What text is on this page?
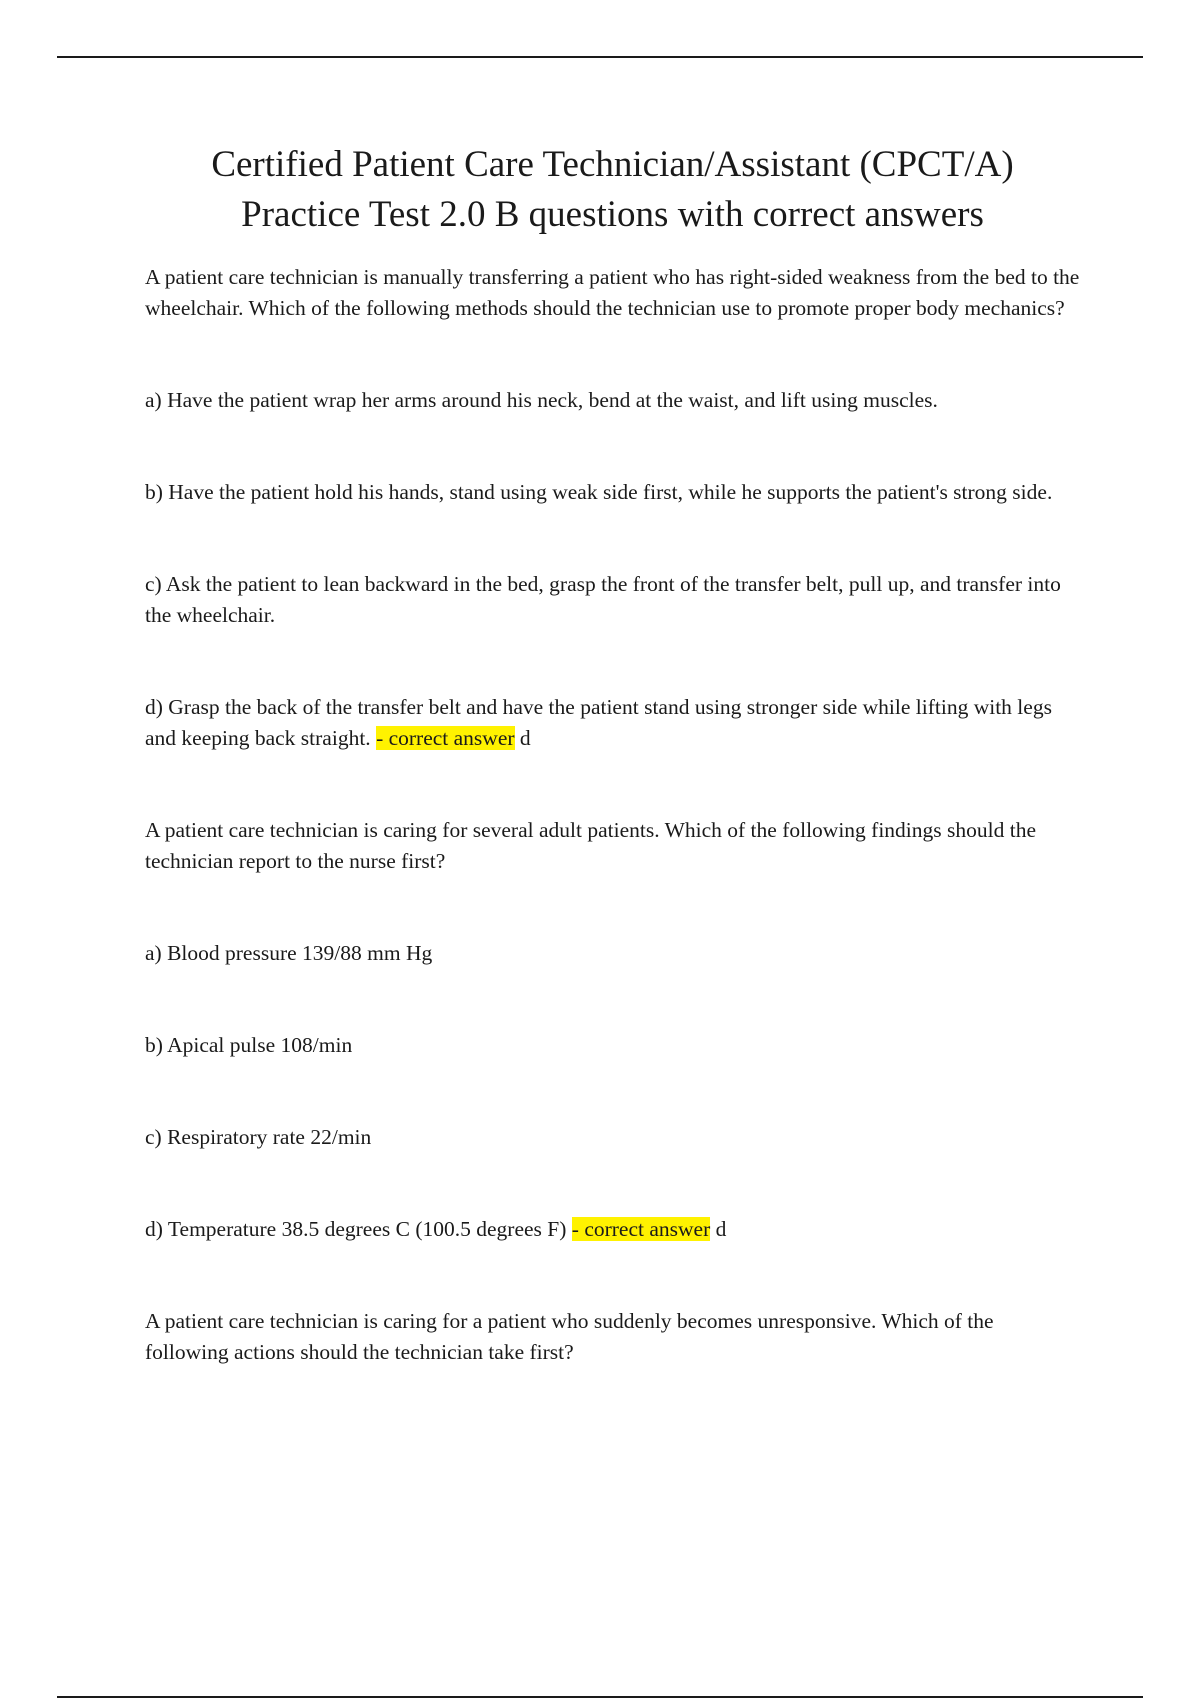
Certified Patient Care Technician/Assistant (CPCT/A)
Practice Test 2.0 B questions with correct answers

A patient care technician is manually transferring a patient who has right-sided weakness from the bed to the wheelchair. Which of the following methods should the technician use to promote proper body mechanics?

a) Have the patient wrap her arms around his neck, bend at the waist, and lift using muscles.

b) Have the patient hold his hands, stand using weak side first, while he supports the patient's strong side.

c) Ask the patient to lean backward in the bed, grasp the front of the transfer belt, pull up, and transfer into the wheelchair.

d) Grasp the back of the transfer belt and have the patient stand using stronger side while lifting with legs and keeping back straight. - correct answer d

A patient care technician is caring for several adult patients. Which of the following findings should the technician report to the nurse first?

a) Blood pressure 139/88 mm Hg

b) Apical pulse 108/min

c) Respiratory rate 22/min

d) Temperature 38.5 degrees C (100.5 degrees F) - correct answer d

A patient care technician is caring for a patient who suddenly becomes unresponsive. Which of the following actions should the technician take first?
